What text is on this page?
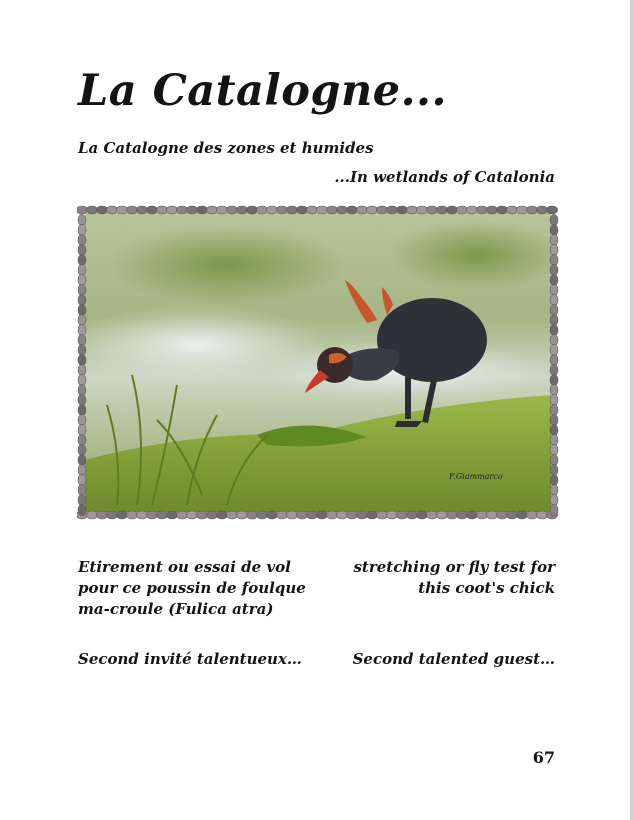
La Catalogne...
La Catalogne des zones et humides
...In wetlands of Catalonia
F.Giammarco
Etirement ou essai de vol pour ce poussin de foulque ma-croule (Fulica atra)
stretching or fly test for this coot's chick
Second invité talentueux…	Second talented guest…
67
